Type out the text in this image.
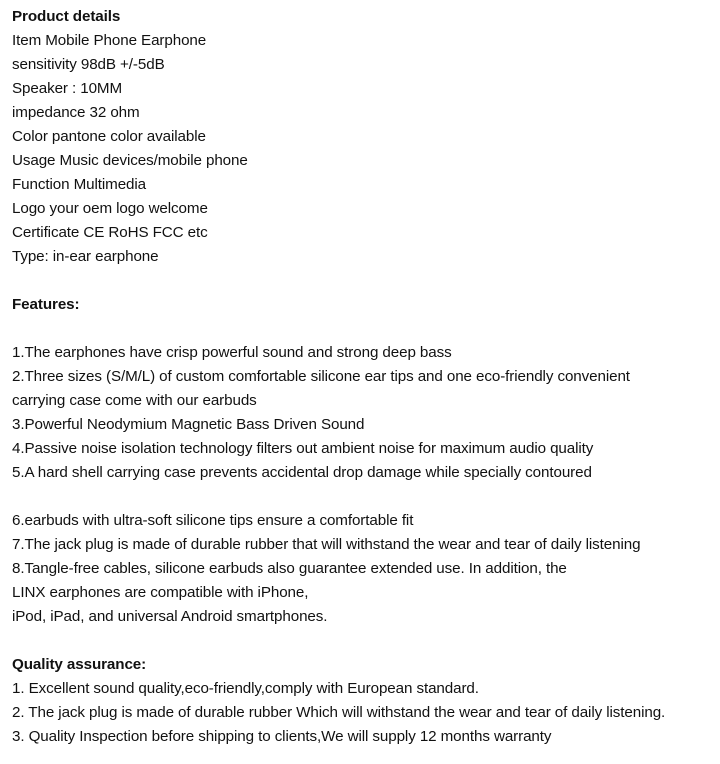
Product details
Item Mobile Phone Earphone
sensitivity 98dB +/-5dB
Speaker : 10MM
impedance 32 ohm
Color pantone color available
Usage Music devices/mobile phone
Function Multimedia
Logo your oem logo welcome
Certificate CE RoHS FCC etc
Type: in-ear earphone
Features:
1.The earphones have crisp powerful sound and strong deep bass
2.Three sizes (S/M/L) of custom comfortable silicone ear tips and one eco-friendly convenient
carrying case come with our earbuds
3.Powerful Neodymium Magnetic Bass Driven Sound
4.Passive noise isolation technology filters out ambient noise for maximum audio quality
5.A hard shell carrying case prevents accidental drop damage while specially contoured
6.earbuds with ultra-soft silicone tips ensure a comfortable fit
7.The jack plug is made of durable rubber that will withstand the wear and tear of daily listening
8.Tangle-free cables, silicone earbuds also guarantee extended use. In addition, the
LINX earphones are compatible with iPhone,
iPod, iPad, and universal Android smartphones.
Quality assurance:
1. Excellent sound quality,eco-friendly,comply with European standard.
2. The jack plug is made of durable rubber Which will withstand the wear and tear of daily listening.
3. Quality Inspection before shipping to clients,We will supply 12 months warranty
